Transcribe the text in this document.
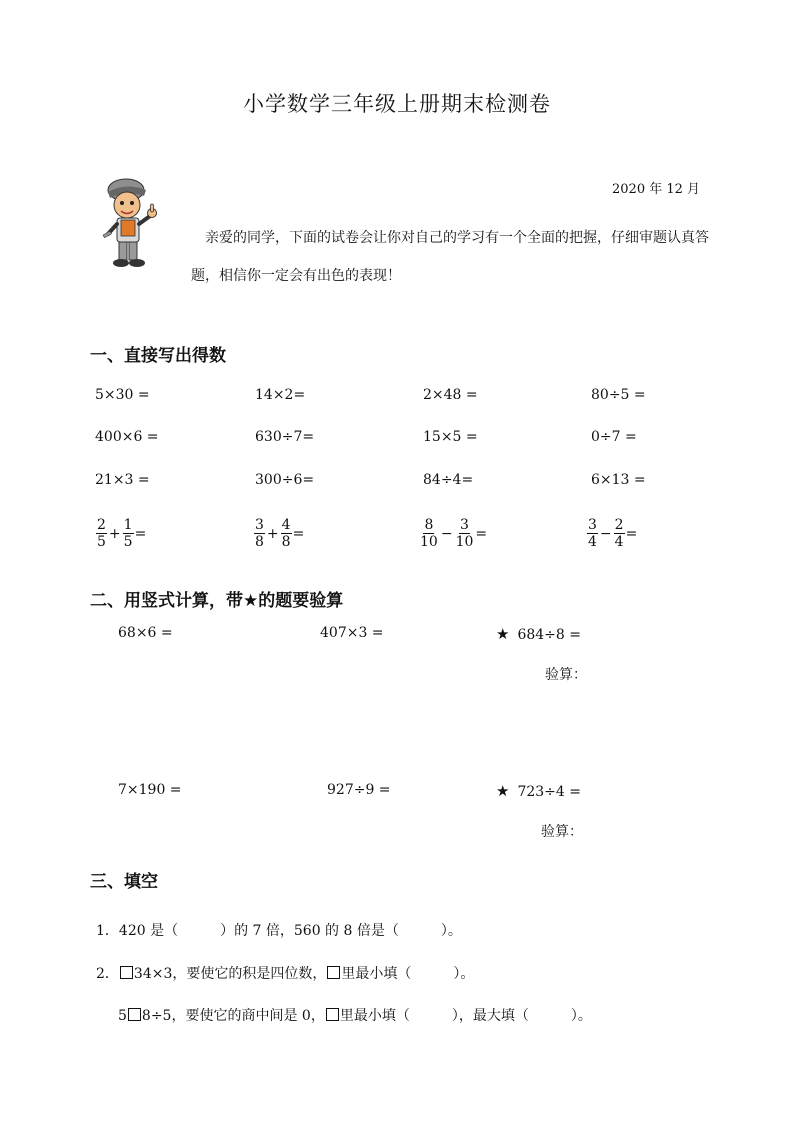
小学数学三年级上册期末检测卷
2020 年 12 月
亲爱的同学，下面的试卷会让你对自己的学习有一个全面的把握，仔细审题认真答
题，相信你一定会有出色的表现！
一、直接写出得数
5×30 =	14×2=	2×48 =	80÷5 =
400×6 =	630÷7=	15×5 =	0÷7 =
21×3 =	300÷6=	84÷4=	6×13 =
$\frac{2}{5} + \frac{1}{5}$ =	$\frac{3}{8} + \frac{4}{8}$ =	$\frac{8}{10} - \frac{3}{10}$ =	$\frac{3}{4} - \frac{2}{4}$ =
二、用竖式计算，带★的题要验算
68×6 =	407×3 =	★ 684÷8 =
验算：
7×190 =	927÷9 =	★ 723÷4 =
验算：
三、填空
1．420 是（　　　）的 7 倍，560 的 8 倍是（　　　）。
2． 34×3，要使它的积是四位数， 里最小填（　　　）。
5 8÷5，要使它的商中间是 0， 里最小填（　　　），最大填（　　　）。
